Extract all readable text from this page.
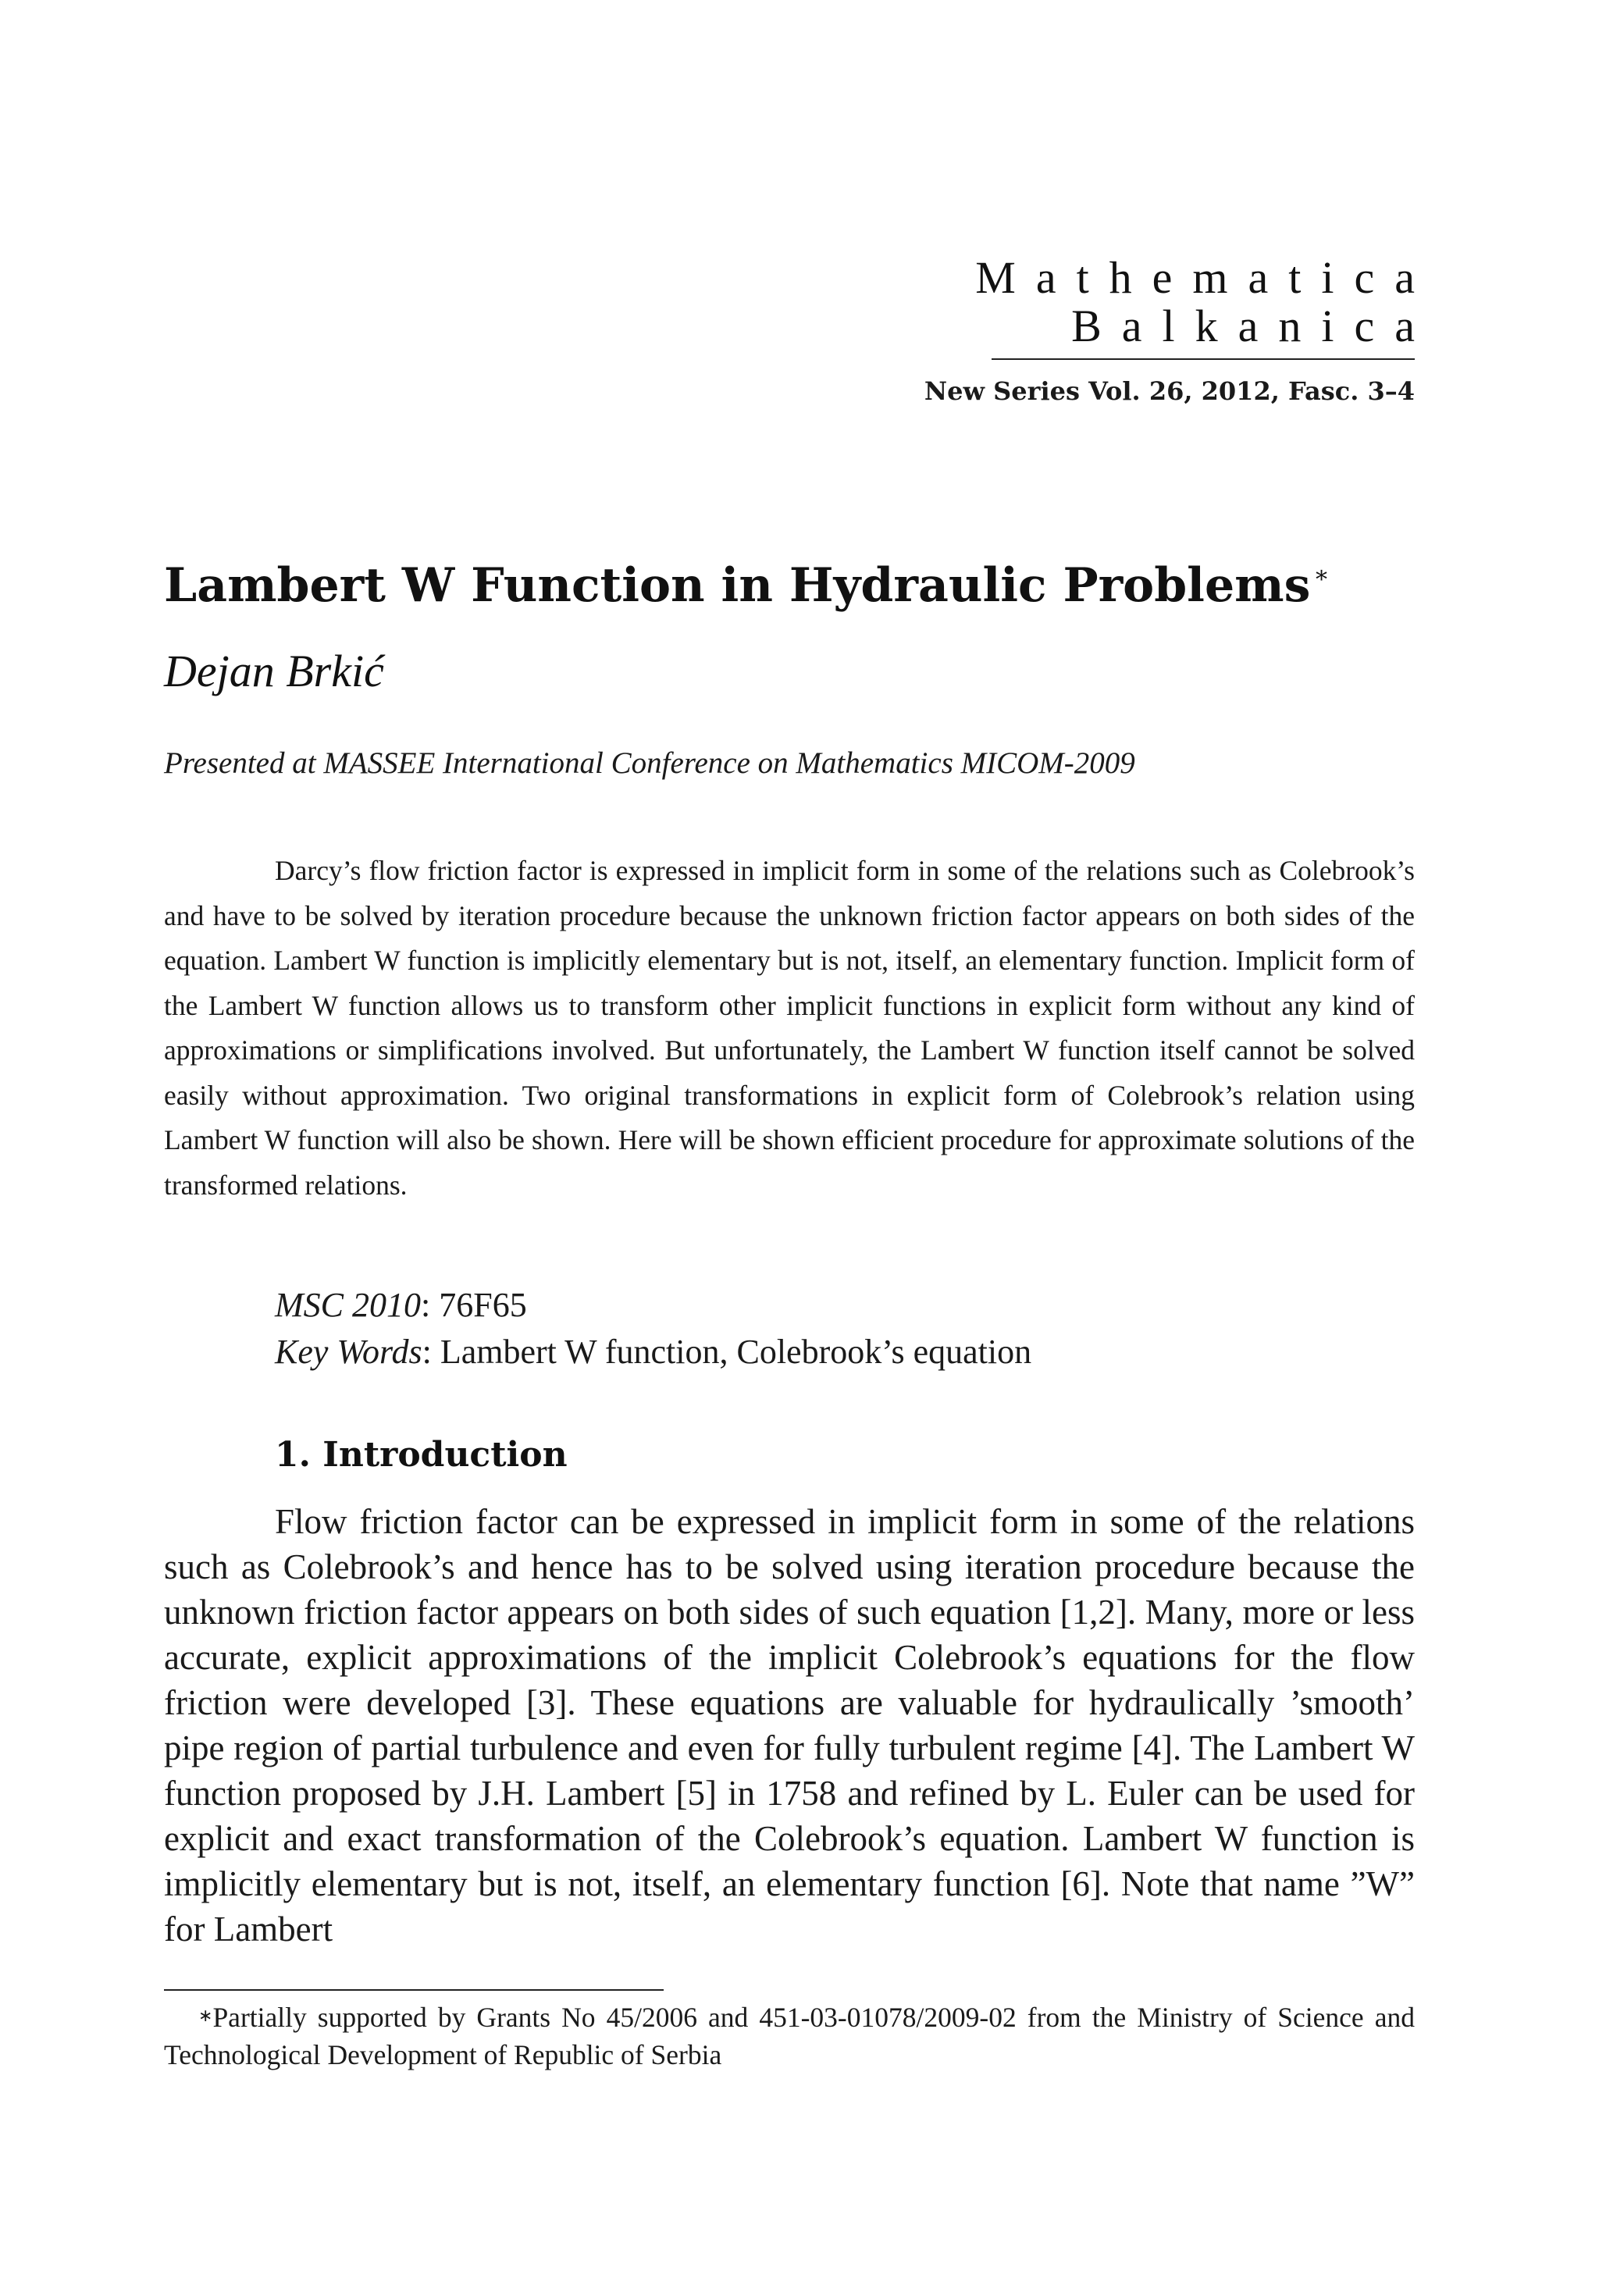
Mathematica
Balkanica
New Series Vol. 26, 2012, Fasc. 3–4
Lambert W Function in Hydraulic Problems ∗
Dejan Brkić
Presented at MASSEE International Conference on Mathematics MICOM-2009
Darcy’s flow friction factor is expressed in implicit form in some of the relations such as Colebrook’s and have to be solved by iteration procedure because the unknown friction factor appears on both sides of the equation. Lambert W function is implicitly elementary but is not, itself, an elementary function. Implicit form of the Lambert W function allows us to transform other implicit functions in explicit form without any kind of approximations or simplifications involved. But unfortunately, the Lambert W function itself cannot be solved easily without approximation. Two original transformations in explicit form of Colebrook’s relation using Lambert W function will also be shown. Here will be shown efficient procedure for approximate solutions of the transformed relations.
MSC 2010: 76F65
Key Words: Lambert W function, Colebrook’s equation
1. Introduction
Flow friction factor can be expressed in implicit form in some of the relations such as Colebrook’s and hence has to be solved using iteration procedure because the unknown friction factor appears on both sides of such equation [1,2]. Many, more or less accurate, explicit approximations of the implicit Colebrook’s equations for the flow friction were developed [3]. These equations are valuable for hydraulically ’smooth’ pipe region of partial turbulence and even for fully turbulent regime [4]. The Lambert W function proposed by J.H. Lambert [5] in 1758 and refined by L. Euler can be used for explicit and exact transformation of the Colebrook’s equation. Lambert W function is implicitly elementary but is not, itself, an elementary function [6]. Note that name ”W” for Lambert
∗Partially supported by Grants No 45/2006 and 451-03-01078/2009-02 from the Ministry of Science and Technological Development of Republic of Serbia
